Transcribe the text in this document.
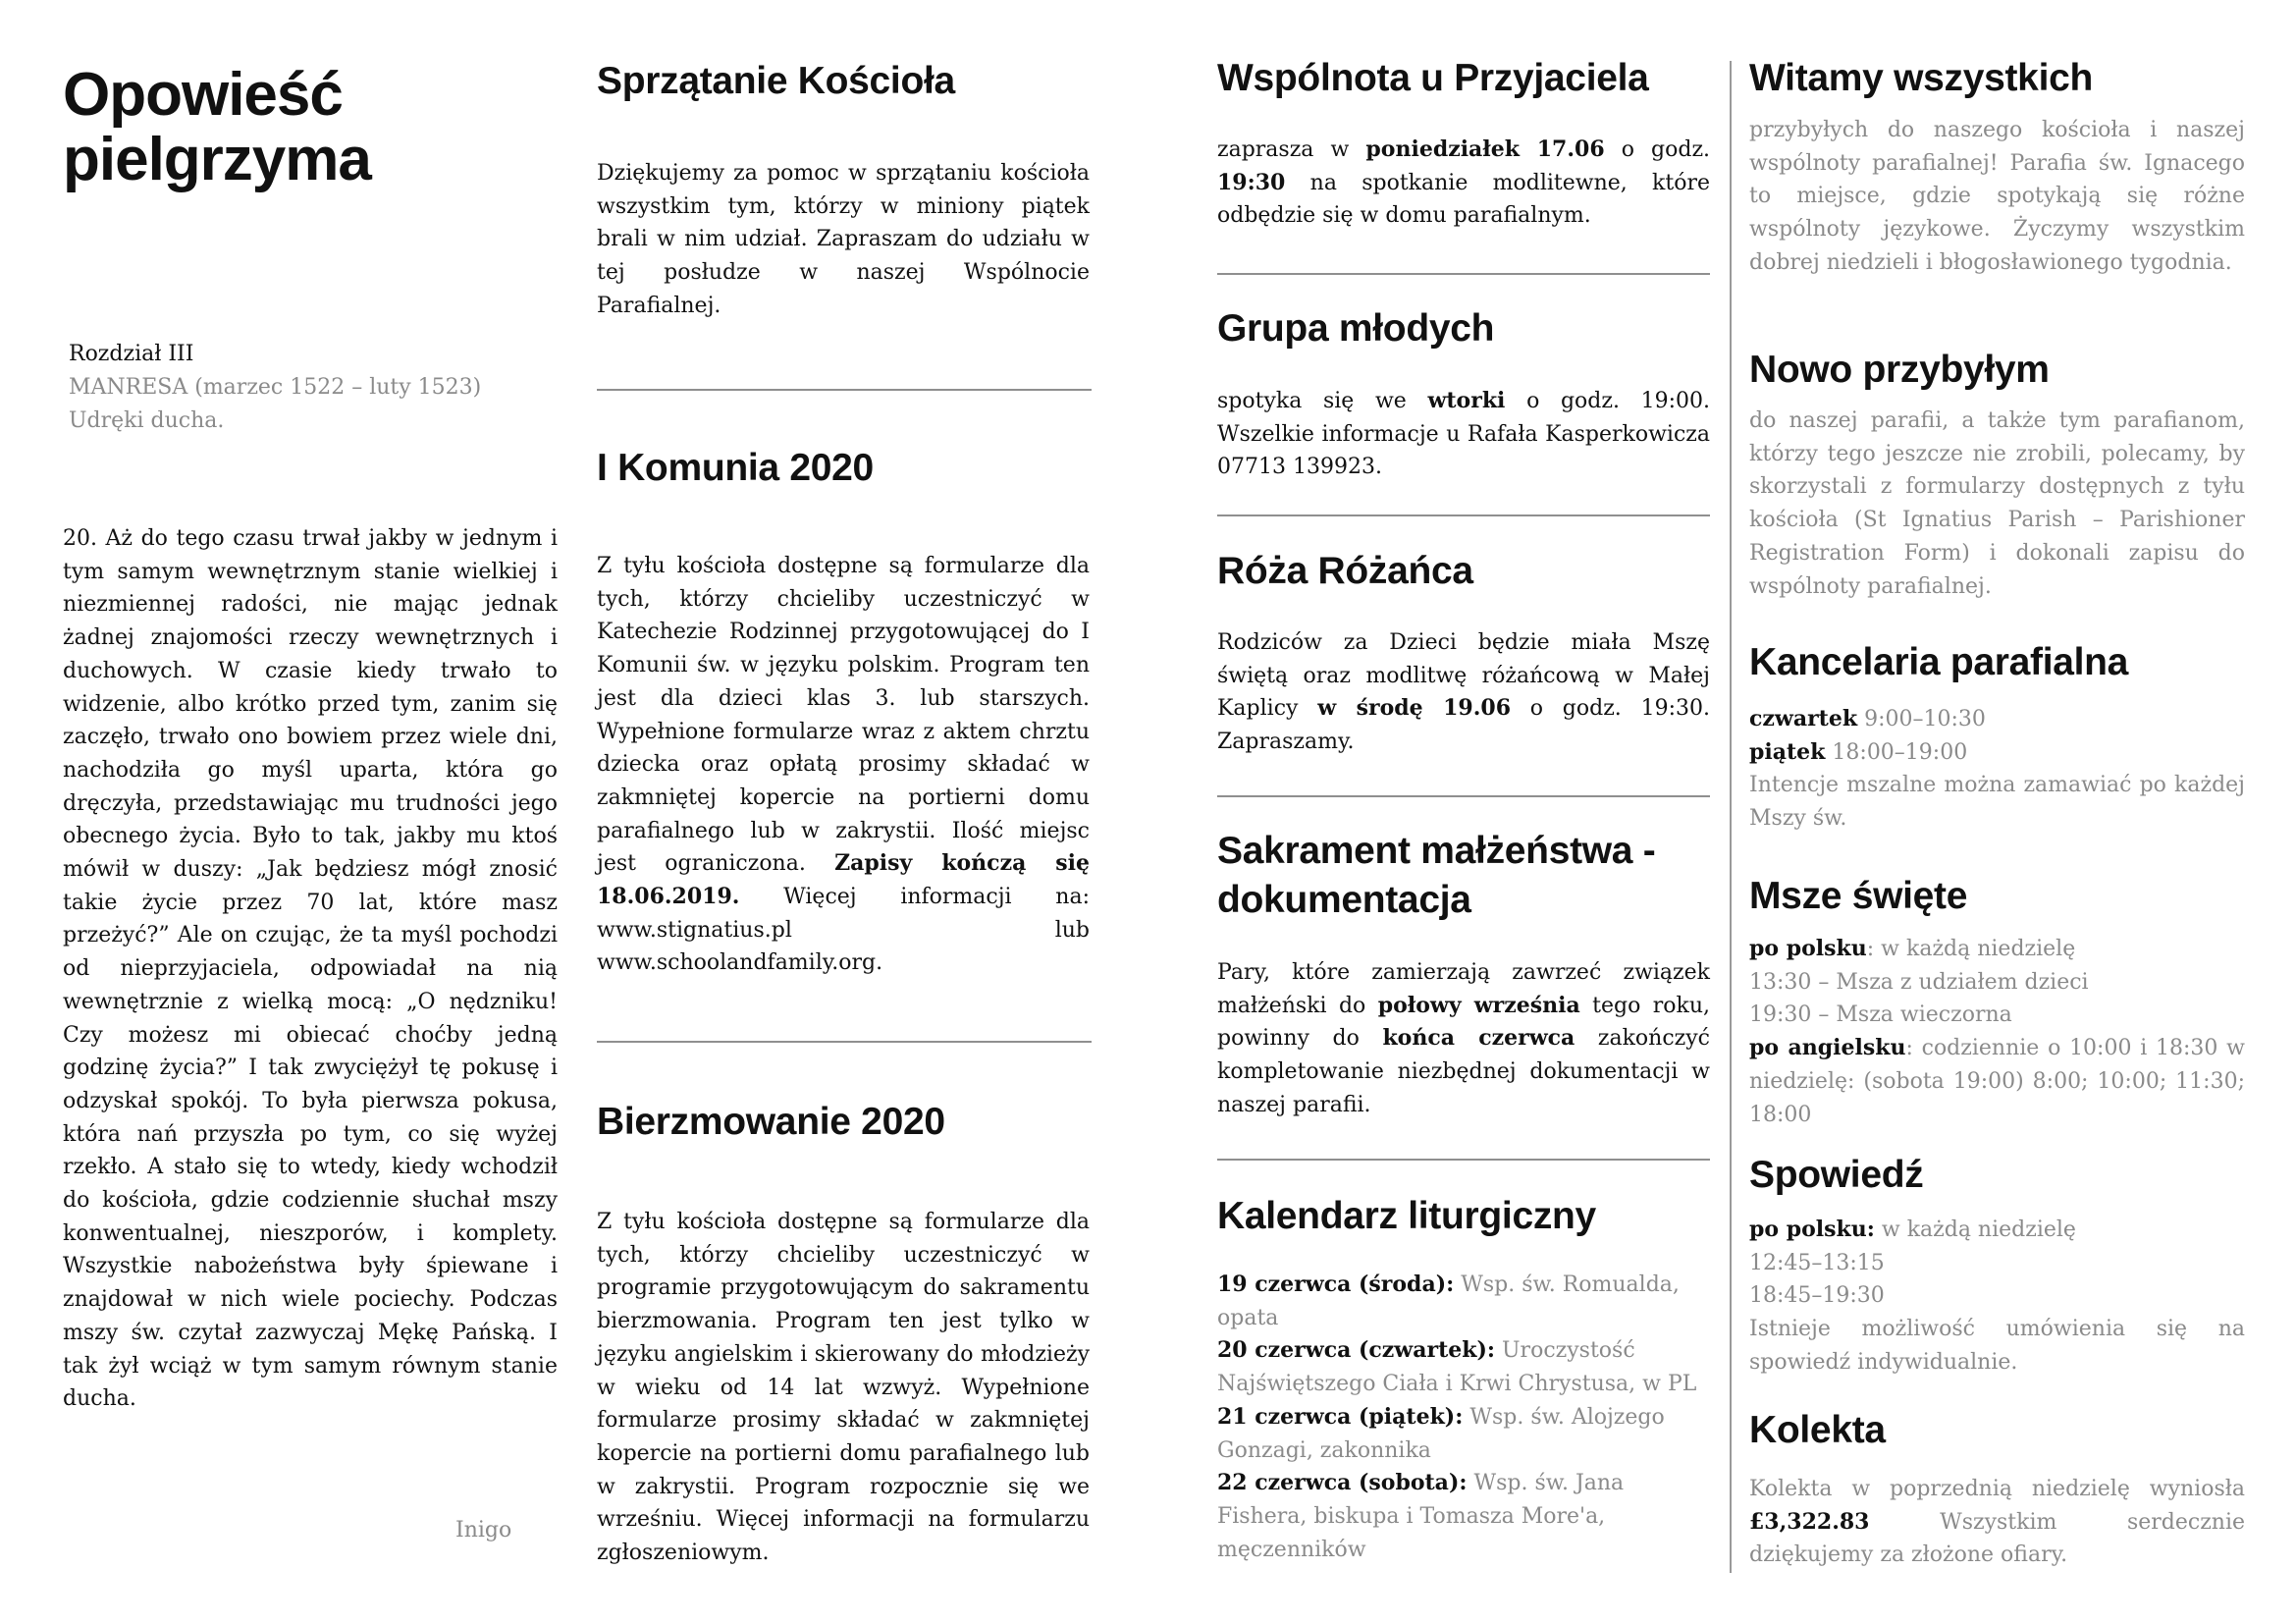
Opowieść pielgrzyma
Rozdział III
MANRESA (marzec 1522 – luty 1523)
Udręki ducha.

20. Aż do tego czasu trwał jakby w jednym i tym samym wewnętrznym stanie wielkiej i niezmiennej radości, nie mając jednak żadnej znajomości rzeczy wewnętrznych i duchowych. W czasie kiedy trwało to widzenie, albo krótko przed tym, zanim się zaczęło, trwało ono bowiem przez wiele dni, nachodziła go myśl uparta, która go dręczyła, przedstawiając mu trudności jego obecnego życia. Było to tak, jakby mu ktoś mówił w duszy: „Jak będziesz mógł znosić takie życie przez 70 lat, które masz przeżyć?” Ale on czując, że ta myśl pochodzi od nieprzyjaciela, odpowiadał na nią wewnętrznie z wielką mocą: „O nędzniku! Czy możesz mi obiecać choćby jedną godzinę życia?” I tak zwyciężył tę pokusę i odzyskał spokój. To była pierwsza pokusa, która nań przyszła po tym, co się wyżej rzekło. A stało się to wtedy, kiedy wchodził do kościoła, gdzie codziennie słuchał mszy konwentualnej, nieszporów, i komplety. Wszystkie nabożeństwa były śpiewane i znajdował w nich wiele pociechy. Podczas mszy św. czytał zazwyczaj Mękę Pańską. I tak żył wciąż w tym samym równym stanie ducha.

Inigo
Sprzątanie Kościoła

Dziękujemy za pomoc w sprzątaniu kościoła wszystkim tym, którzy w miniony piątek brali w nim udział. Zapraszam do udziału w tej posłudze w naszej Wspólnocie Parafialnej.

I Komunia 2020

Z tyłu kościoła dostępne są formularze dla tych, którzy chcieliby uczestniczyć w Katechezie Rodzinnej przygotowującej do I Komunii św. w języku polskim. Program ten jest dla dzieci klas 3. lub starszych. Wypełnione formularze wraz z aktem chrztu dziecka oraz opłatą prosimy składać w zakmniętej kopercie na portierni domu parafialnego lub w zakrystii. Ilość miejsc jest ograniczona. Zapisy kończą się 18.06.2019. Więcej informacji na: www.stignatius.pl lub www.schoolandfamily.org.

Bierzmowanie 2020

Z tyłu kościoła dostępne są formularze dla tych, którzy chcieliby uczestniczyć w programie przygotowującym do sakramentu bierzmowania. Program ten jest tylko w języku angielskim i skierowany do młodzieży w wieku od 14 lat wzwyż. Wypełnione formularze prosimy składać w zakmniętej kopercie na portierni domu parafialnego lub w zakrystii. Program rozpocznie się we wrześniu. Więcej informacji na formularzu zgłoszeniowym.

Wspólnota u Przyjaciela

zaprasza w poniedziałek 17.06 o godz. 19:30 na spotkanie modlitewne, które odbędzie się w domu parafialnym.

Grupa młodych

spotyka się we wtorki o godz. 19:00. Wszelkie informacje u Rafała Kasperkowicza 07713 139923.

Róża Różańca

Rodziców za Dzieci będzie miała Mszę świętą oraz modlitwę różańcową w Małej Kaplicy w środę 19.06 o godz. 19:30. Zapraszamy.

Sakrament małżeństwa - dokumentacja

Pary, które zamierzają zawrzeć związek małżeński do połowy września tego roku, powinny do końca czerwca zakończyć kompletowanie niezbędnej dokumentacji w naszej parafii.

Kalendarz liturgiczny
19 czerwca (środa): Wsp. św. Romualda, opata
20 czerwca (czwartek): Uroczystość Najświętszego Ciała i Krwi Chrystusa, w PL
21 czerwca (piątek): Wsp. św. Alojzego Gonzagi, zakonnika
22 czerwca (sobota): Wsp. św. Jana Fishera, biskupa i Tomasza More'a, męczenników
Witamy wszystkich

przybyłych do naszego kościoła i naszej wspólnoty parafialnej! Parafia św. Ignacego to miejsce, gdzie spotykają się różne wspólnoty językowe. Życzymy wszystkim dobrej niedzieli i błogosławionego tygodnia.

Nowo przybyłym

do naszej parafii, a także tym parafianom, którzy tego jeszcze nie zrobili, polecamy, by skorzystali z formularzy dostępnych z tyłu kościoła (St Ignatius Parish – Parishioner Registration Form) i dokonali zapisu do wspólnoty parafialnej.

Kancelaria parafialna
czwartek 9:00–10:30
piątek 18:00–19:00
Intencje mszalne można zamawiać po każdej Mszy św.
Msze święte
po polsku: w każdą niedzielę
13:30 – Msza z udziałem dzieci
19:30 – Msza wieczorna
po angielsku: codziennie o 10:00 i 18:30 w niedzielę: (sobota 19:00) 8:00; 10:00; 11:30; 18:00
Spowiedź
po polsku: w każdą niedzielę
12:45–13:15
18:45–19:30
Istnieje możliwość umówienia się na spowiedź indywidualnie.
Kolekta

Kolekta w poprzednią niedzielę wyniosła £3,322.83	Wszystkim serdecznie dziękujemy za złożone ofiary.
